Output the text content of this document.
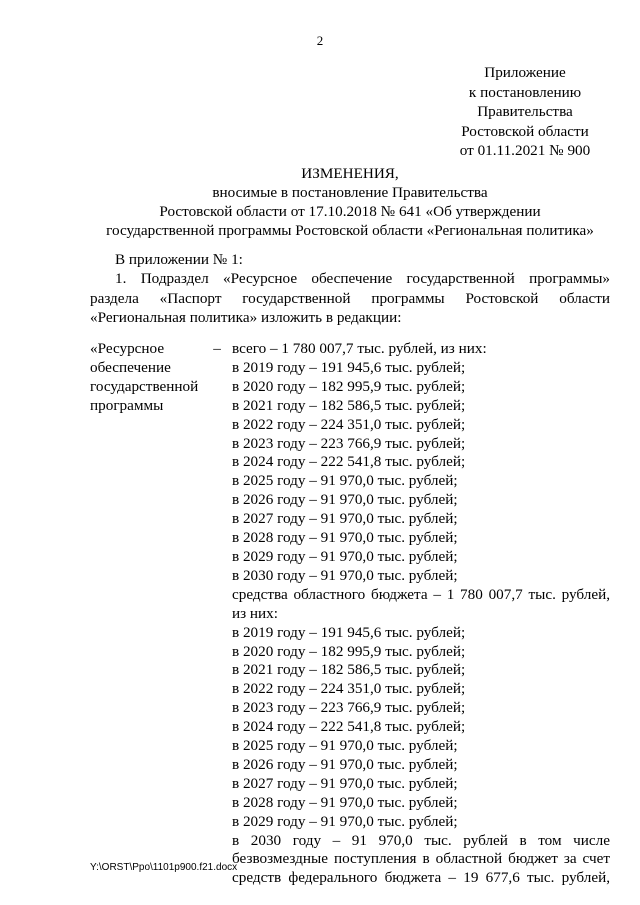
2
Приложение
к постановлению
Правительства
Ростовской области
от 01.11.2021 № 900
ИЗМЕНЕНИЯ,
вносимые в постановление Правительства
Ростовской области от 17.10.2018 № 641 «Об утверждении
государственной программы Ростовской области «Региональная политика»
В приложении № 1:
1. Подраздел «Ресурсное обеспечение государственной программы»
раздела «Паспорт государственной программы Ростовской области
«Региональная политика» изложить в редакции:
«Ресурсное
обеспечение
государственной
программы
– всего – 1 780 007,7 тыс. рублей, из них:
в 2019 году – 191 945,6 тыс. рублей;
в 2020 году – 182 995,9 тыс. рублей;
в 2021 году – 182 586,5 тыс. рублей;
в 2022 году – 224 351,0 тыс. рублей;
в 2023 году – 223 766,9 тыс. рублей;
в 2024 году – 222 541,8 тыс. рублей;
в 2025 году – 91 970,0 тыс. рублей;
в 2026 году – 91 970,0 тыс. рублей;
в 2027 году – 91 970,0 тыс. рублей;
в 2028 году – 91 970,0 тыс. рублей;
в 2029 году – 91 970,0 тыс. рублей;
в 2030 году – 91 970,0 тыс. рублей;
средства областного бюджета – 1 780 007,7 тыс. рублей,
из них:
в 2019 году – 191 945,6 тыс. рублей;
в 2020 году – 182 995,9 тыс. рублей;
в 2021 году – 182 586,5 тыс. рублей;
в 2022 году – 224 351,0 тыс. рублей;
в 2023 году – 223 766,9 тыс. рублей;
в 2024 году – 222 541,8 тыс. рублей;
в 2025 году – 91 970,0 тыс. рублей;
в 2026 году – 91 970,0 тыс. рублей;
в 2027 году – 91 970,0 тыс. рублей;
в 2028 году – 91 970,0 тыс. рублей;
в 2029 году – 91 970,0 тыс. рублей;
в 2030 году – 91 970,0 тыс. рублей в том числе
безвозмездные поступления в областной бюджет за счет
средств федерального бюджета – 19 677,6 тыс. рублей,
Y:\ORST\Ppo\1101p900.f21.docx
